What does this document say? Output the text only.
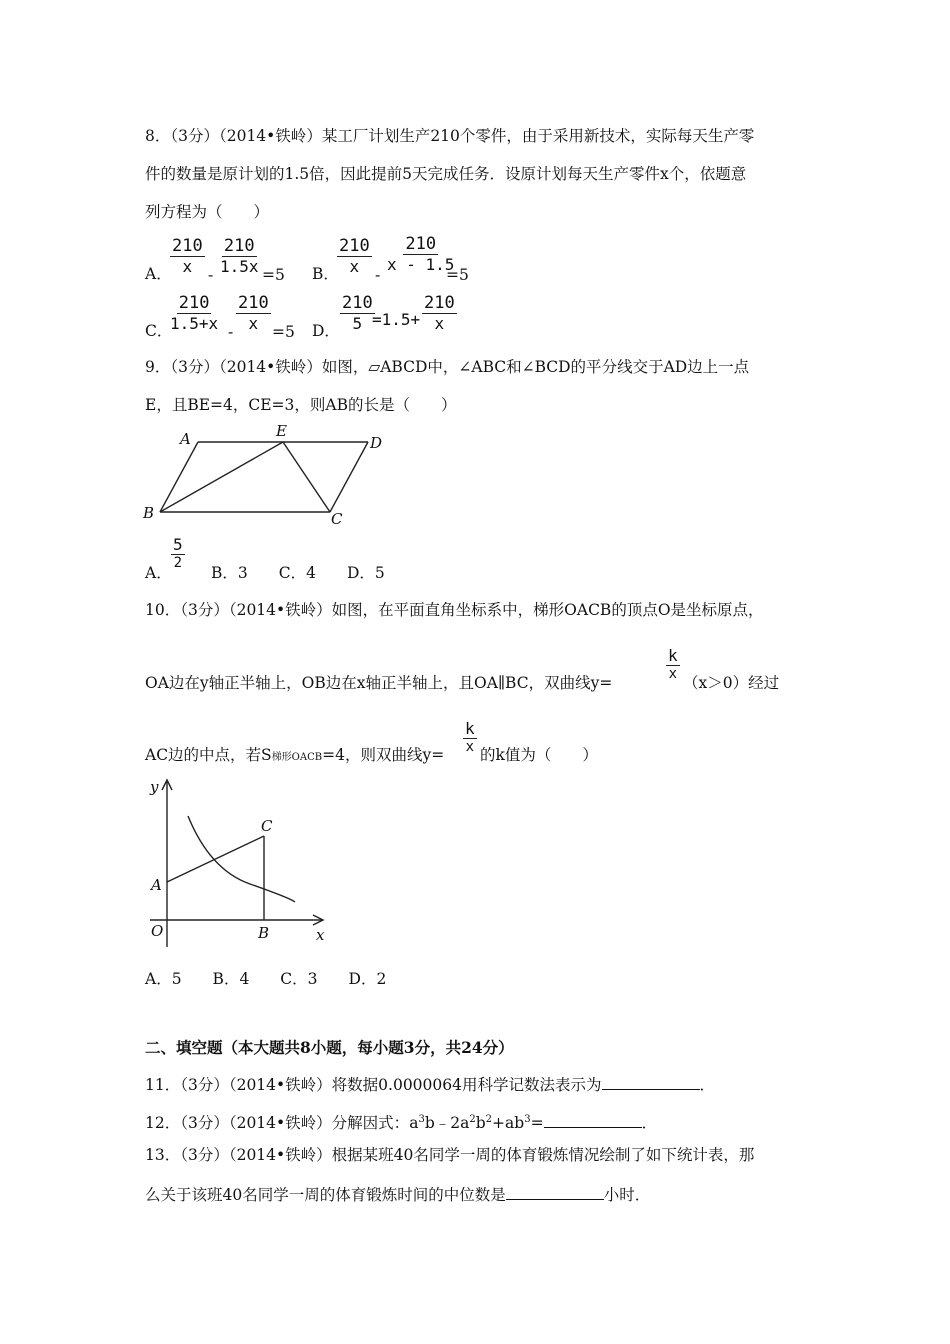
8．（3分）（2014•铁岭）某工厂计划生产210个零件，由于采用新技术，实际每天生产零
件的数量是原计划的1.5倍，因此提前5天完成任务．设原计划每天生产零件x个，依题意
列方程为（　　）
A．
$\frac{210}{x} - \frac{210}{1.5x} =5$ B．
$\frac{210}{x} - \frac{210}{x - 1.5}$
=5
C．
$\frac{210}{1.5+x} - \frac{210}{x} =5$ D． $\frac{210}{5}$
$=1.5+ \frac{210}{x}$
9．（3分）（2014•铁岭）如图，▱ABCD中，∠ABC和∠BCD的平分线交于AD边上一点
E，且BE=4，CE=3，则AB的长是（　　）
A	E
D
B	C
A．
$\frac{5}{2}$
B．3　　C．4　　D．5
10．（3分）（2014•铁岭）如图，在平面直角坐标系中，梯形OACB的顶点O是坐标原点，
OA边在y轴正半轴上，OB边在x轴正半轴上，且OA∥BC，双曲线y=
$\frac{k}{x}$
（x＞0）经过
AC边的中点，若S梯形OACB=4，则双曲线$y= \frac{k}{x}$ 的k值为（　　）
y
x
O
A
B
C
A．5　　B．4　　C．3　　D．2
二、填空题（本大题共8小题，每小题3分，共24分）
11．（3分）（2014•铁岭）将数据0.0000064用科学记数法表示为	．
12．（3分）（2014•铁岭）分解因式：$a^3b﹣2a^2b^2+ab^3=$	．
13．（3分）（2014•铁岭）根据某班40名同学一周的体育锻炼情况绘制了如下统计表，那
么关于该班40名同学一周的体育锻炼时间的中位数是	小时．
